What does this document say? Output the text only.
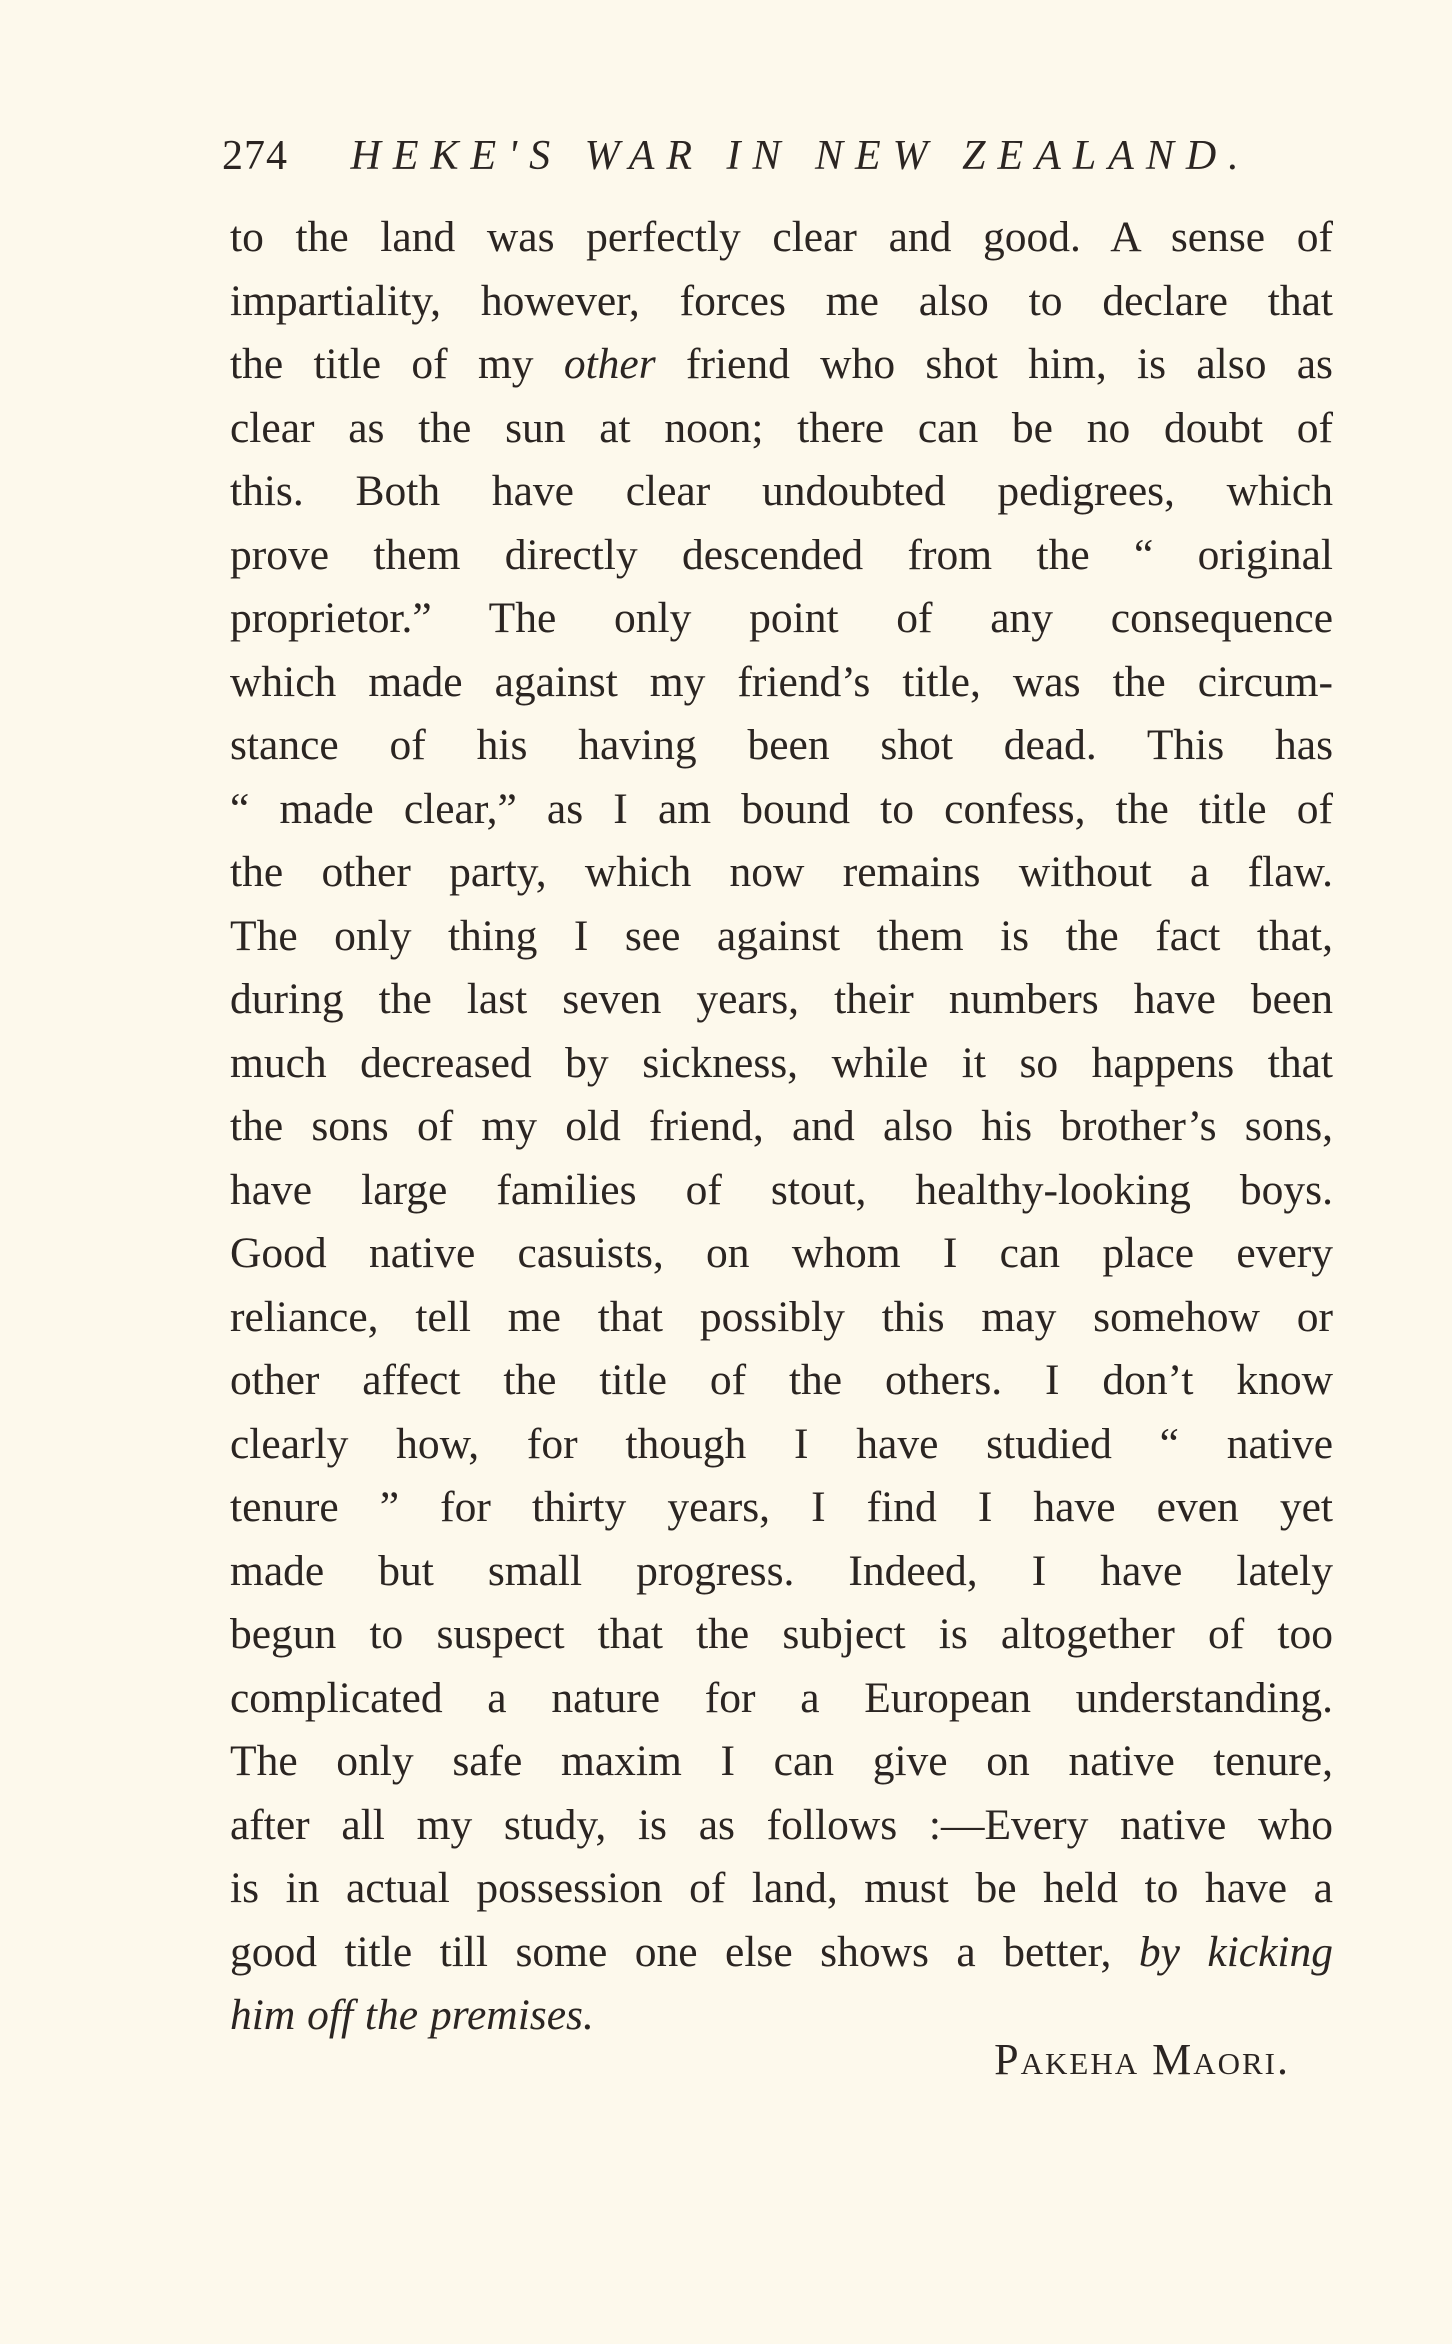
274 HEKE'S WAR IN NEW ZEALAND.
to the land was perfectly clear and good. A sense of
impartiality, however, forces me also to declare that
the title of my other friend who shot him, is also as
clear as the sun at noon; there can be no doubt of
this. Both have clear undoubted pedigrees, which
prove them directly descended from the “ original
proprietor.” The only point of any consequence
which made against my friend’s title, was the circum-
stance of his having been shot dead. This has
“ made clear,” as I am bound to confess, the title of
the other party, which now remains without a flaw.
The only thing I see against them is the fact that,
during the last seven years, their numbers have been
much decreased by sickness, while it so happens that
the sons of my old friend, and also his brother’s sons,
have large families of stout, healthy-looking boys.
Good native casuists, on whom I can place every
reliance, tell me that possibly this may somehow or
other affect the title of the others. I don’t know
clearly how, for though I have studied “ native
tenure ” for thirty years, I find I have even yet
made but small progress. Indeed, I have lately
begun to suspect that the subject is altogether of too
complicated a nature for a European understanding.
The only safe maxim I can give on native tenure,
after all my study, is as follows :—Every native who
is in actual possession of land, must be held to have a
good title till some one else shows a better, by kicking
him off the premises.
Pakeha Maori.
